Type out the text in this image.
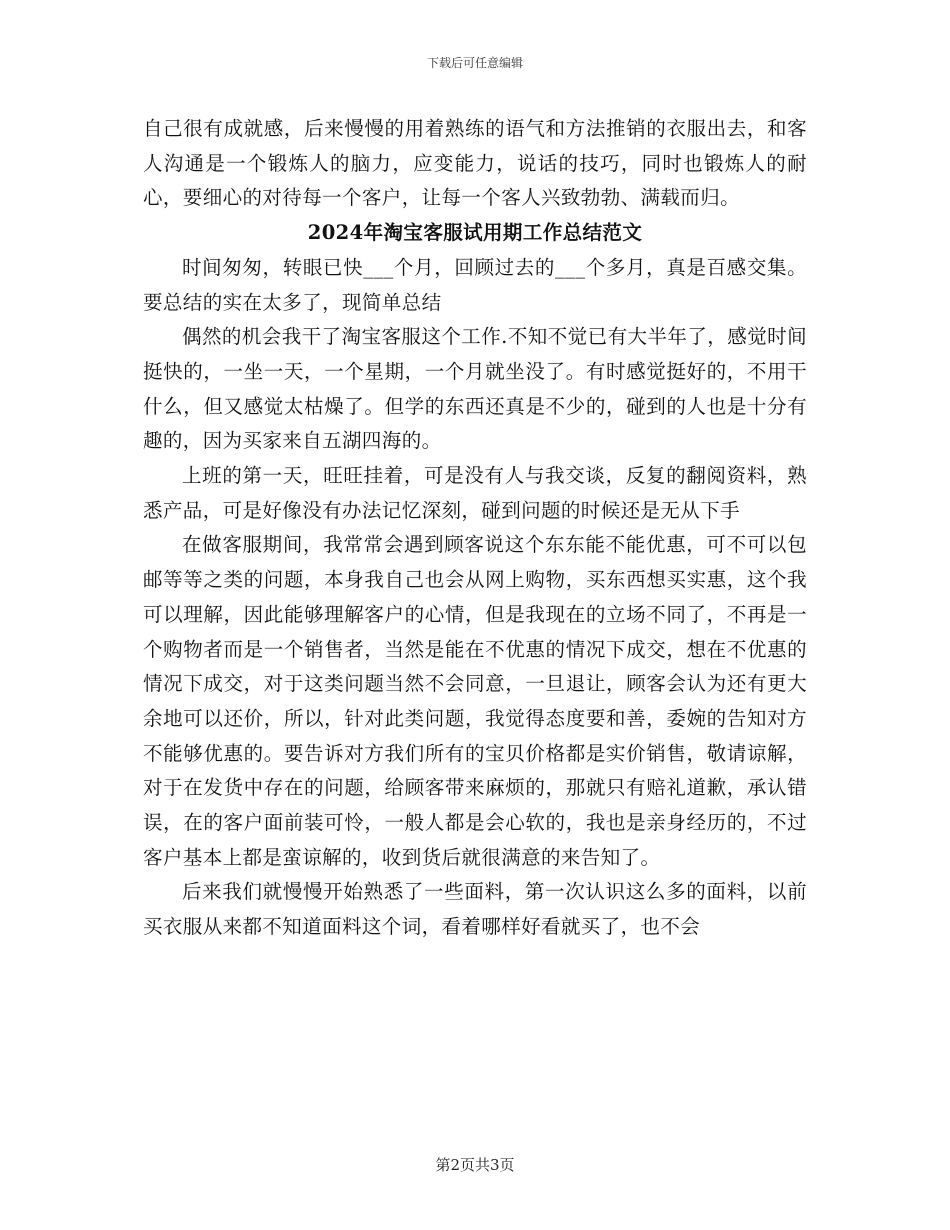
下载后可任意编辑

自己很有成就感，后来慢慢的用着熟练的语气和方法推销的衣服出去，和客人沟通是一个锻炼人的脑力，应变能力，说话的技巧，同时也锻炼人的耐心，要细心的对待每一个客户，让每一个客人兴致勃勃、满载而归。

2024年淘宝客服试用期工作总结范文

时间匆匆，转眼已快___个月，回顾过去的___个多月，真是百感交集。要总结的实在太多了，现简单总结

偶然的机会我干了淘宝客服这个工作.不知不觉已有大半年了，感觉时间挺快的，一坐一天，一个星期，一个月就坐没了。有时感觉挺好的，不用干什么，但又感觉太枯燥了。但学的东西还真是不少的，碰到的人也是十分有趣的，因为买家来自五湖四海的。

上班的第一天，旺旺挂着，可是没有人与我交谈，反复的翻阅资料，熟悉产品，可是好像没有办法记忆深刻，碰到问题的时候还是无从下手

在做客服期间，我常常会遇到顾客说这个东东能不能优惠，可不可以包邮等等之类的问题，本身我自己也会从网上购物，买东西想买实惠，这个我可以理解，因此能够理解客户的心情，但是我现在的立场不同了，不再是一个购物者而是一个销售者，当然是能在不优惠的情况下成交，想在不优惠的情况下成交，对于这类问题当然不会同意，一旦退让，顾客会认为还有更大余地可以还价，所以，针对此类问题，我觉得态度要和善，委婉的告知对方不能够优惠的。要告诉对方我们所有的宝贝价格都是实价销售，敬请谅解，对于在发货中存在的问题，给顾客带来麻烦的，那就只有赔礼道歉，承认错误，在的客户面前装可怜，一般人都是会心软的，我也是亲身经历的，不过客户基本上都是蛮谅解的，收到货后就很满意的来告知了。

后来我们就慢慢开始熟悉了一些面料，第一次认识这么多的面料，以前买衣服从来都不知道面料这个词，看着哪样好看就买了，也不会

第2页共3页
